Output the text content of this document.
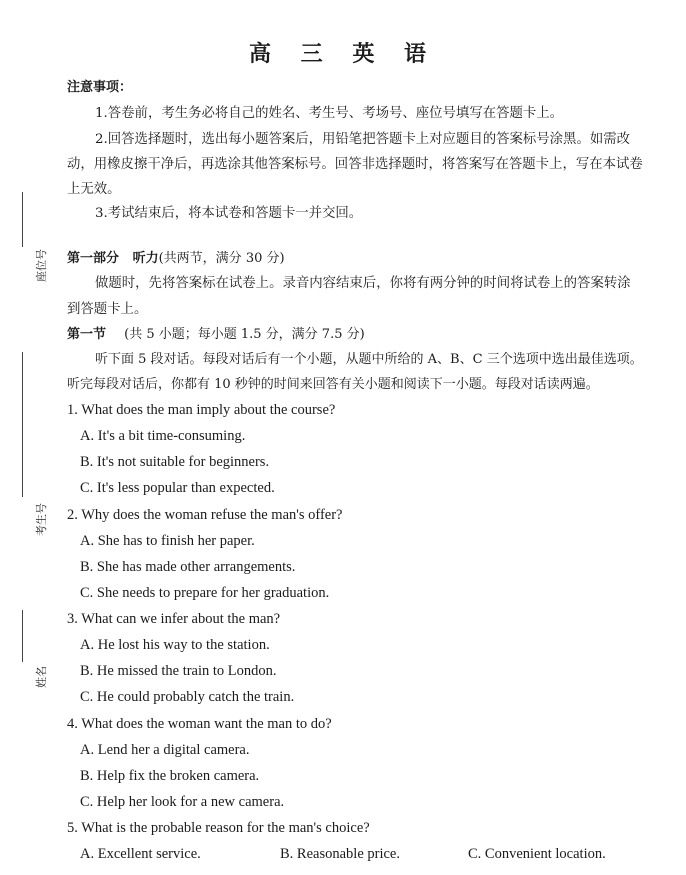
高 三 英 语
注意事项：
1.答卷前，考生务必将自己的姓名、考生号、考场号、座位号填写在答题卡上。
2.回答选择题时，选出每小题答案后，用铅笔把答题卡上对应题目的答案标号涂黑。如需改
动，用橡皮擦干净后，再选涂其他答案标号。回答非选择题时，将答案写在答题卡上，写在本试卷
上无效。
3.考试结束后，将本试卷和答题卡一并交回。
座位号
考生号
姓名
第一部分 听力(共两节，满分 30 分)
做题时，先将答案标在试卷上。录音内容结束后，你将有两分钟的时间将试卷上的答案转涂
到答题卡上。
第一节 (共 5 小题；每小题 1.5 分，满分 7.5 分)
听下面 5 段对话。每段对话后有一个小题，从题中所给的 A、B、C 三个选项中选出最佳选项。
听完每段对话后，你都有 10 秒钟的时间来回答有关小题和阅读下一小题。每段对话读两遍。
1. What does the man imply about the course?
A. It's a bit time-consuming.
B. It's not suitable for beginners.
C. It's less popular than expected.
2. Why does the woman refuse the man's offer?
A. She has to finish her paper.
B. She has made other arrangements.
C. She needs to prepare for her graduation.
3. What can we infer about the man?
A. He lost his way to the station.
B. He missed the train to London.
C. He could probably catch the train.
4. What does the woman want the man to do?
A. Lend her a digital camera.
B. Help fix the broken camera.
C. Help her look for a new camera.
5. What is the probable reason for the man's choice?
A. Excellent service.	B. Reasonable price.	C. Convenient location.
